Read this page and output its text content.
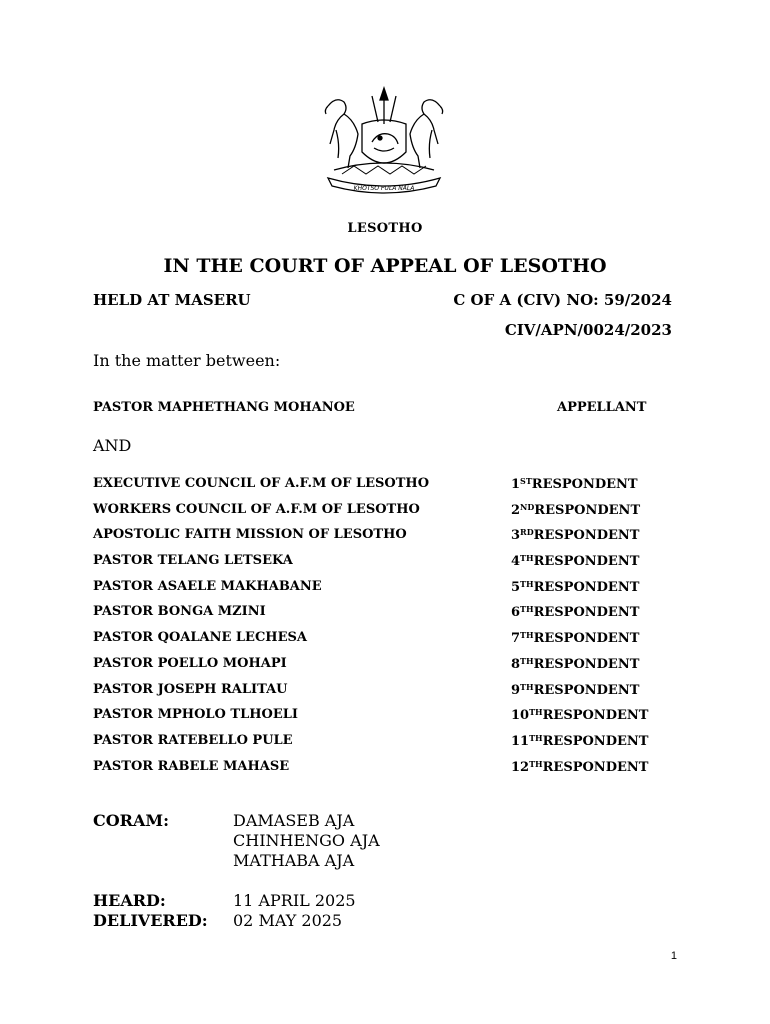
KHOTSO PULA NALA
LESOTHO
IN THE COURT OF APPEAL OF LESOTHO
HELD AT MASERU	C OF A (CIV) NO: 59/2024
CIV/APN/0024/2023
In the matter between:
PASTOR MAPHETHANG MOHANOE	APPELLANT
AND
EXECUTIVE COUNCIL OF A.F.M OF LESOTHO	1STRESPONDENT
WORKERS COUNCIL OF A.F.M OF LESOTHO	2NDRESPONDENT
APOSTOLIC FAITH MISSION OF LESOTHO	3RDRESPONDENT
PASTOR TELANG LETSEKA	4THRESPONDENT
PASTOR ASAELE MAKHABANE	5THRESPONDENT
PASTOR BONGA MZINI	6THRESPONDENT
PASTOR QOALANE LECHESA	7THRESPONDENT
PASTOR POELLO MOHAPI	8THRESPONDENT
PASTOR JOSEPH RALITAU	9THRESPONDENT
PASTOR MPHOLO TLHOELI	10THRESPONDENT
PASTOR RATEBELLO PULE	11THRESPONDENT
PASTOR RABELE MAHASE	12THRESPONDENT
CORAM:	DAMASEB AJA
CHINHENGO AJA
MATHABA AJA
HEARD:	11 APRIL 2025
DELIVERED: 02 MAY 2025
1
